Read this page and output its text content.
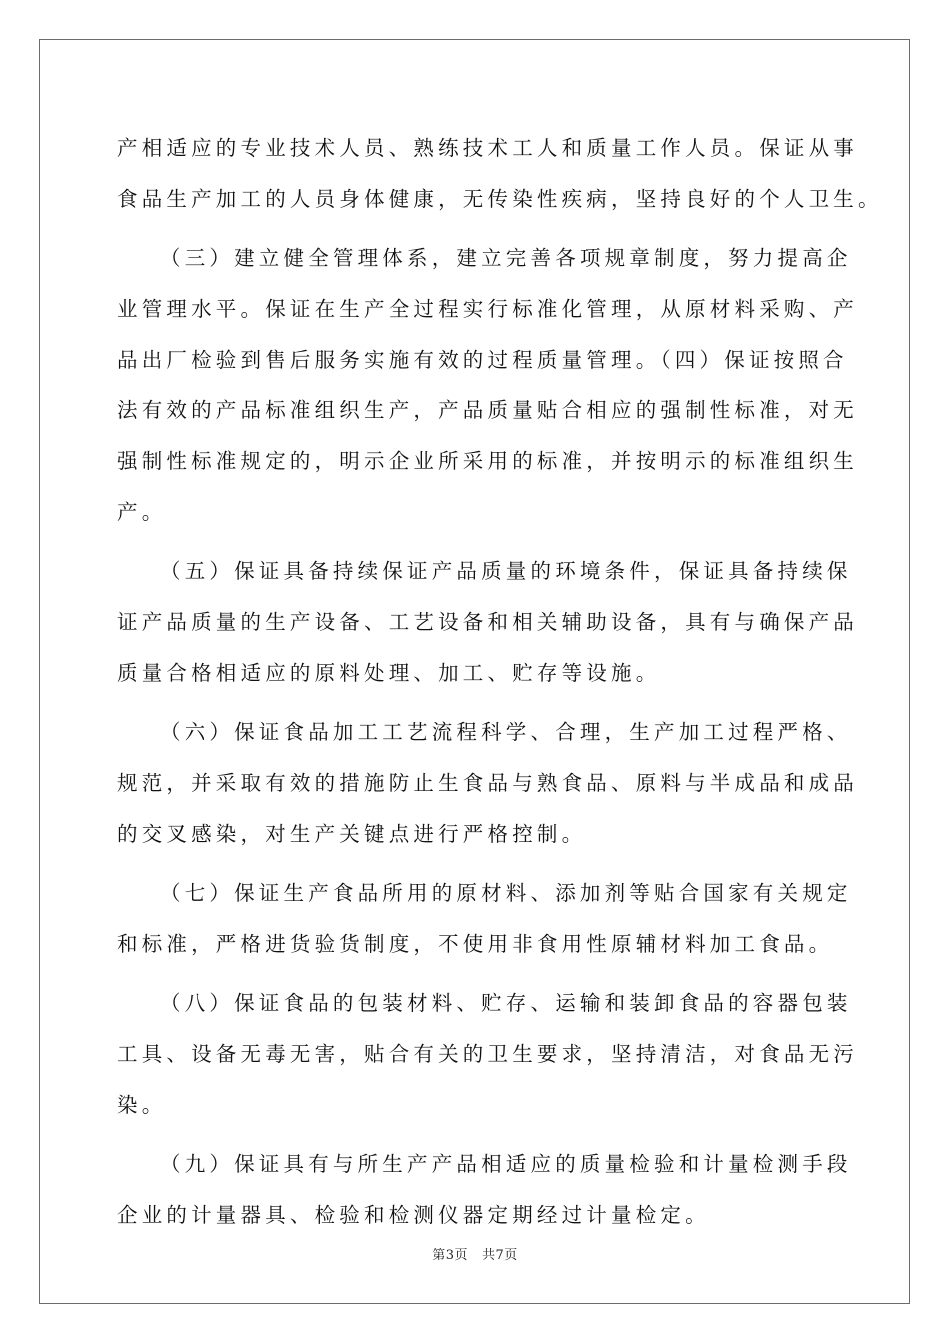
产相适应的专业技术人员、熟练技术工人和质量工作人员。保证从事
食品生产加工的人员身体健康，无传染性疾病，坚持良好的个人卫生。
（三）建立健全管理体系，建立完善各项规章制度，努力提高企
业管理水平。保证在生产全过程实行标准化管理，从原材料采购、产
品出厂检验到售后服务实施有效的过程质量管理。（四）保证按照合
法有效的产品标准组织生产，产品质量贴合相应的强制性标准，对无
强制性标准规定的，明示企业所采用的标准，并按明示的标准组织生
产。
（五）保证具备持续保证产品质量的环境条件，保证具备持续保
证产品质量的生产设备、工艺设备和相关辅助设备，具有与确保产品
质量合格相适应的原料处理、加工、贮存等设施。
（六）保证食品加工工艺流程科学、合理，生产加工过程严格、
规范，并采取有效的措施防止生食品与熟食品、原料与半成品和成品
的交叉感染，对生产关键点进行严格控制。
（七）保证生产食品所用的原材料、添加剂等贴合国家有关规定
和标准，严格进货验货制度，不使用非食用性原辅材料加工食品。
（八）保证食品的包装材料、贮存、运输和装卸食品的容器包装
工具、设备无毒无害，贴合有关的卫生要求，坚持清洁，对食品无污
染。
（九）保证具有与所生产产品相适应的质量检验和计量检测手段
企业的计量器具、检验和检测仪器定期经过计量检定。
第3页 共7页
